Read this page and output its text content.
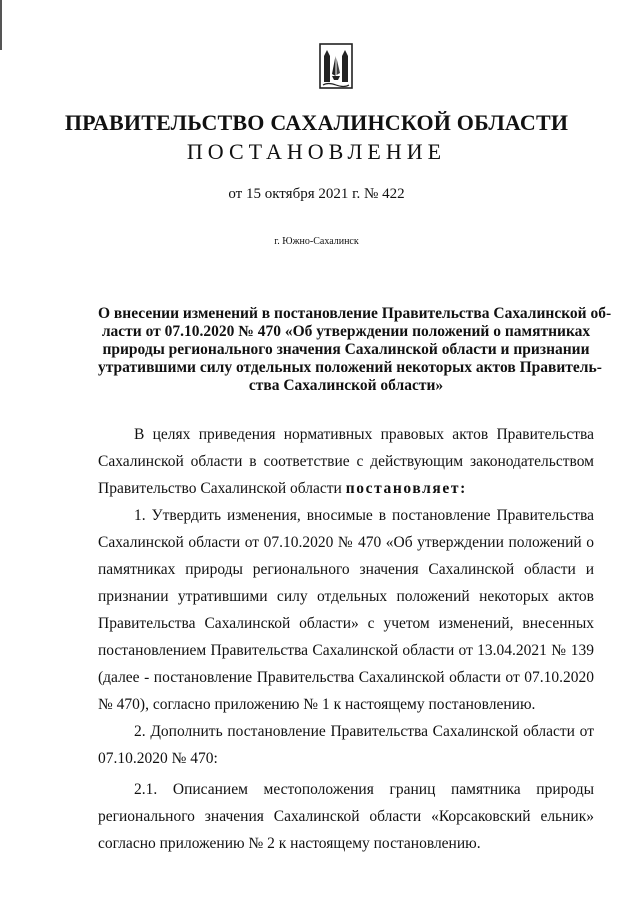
ПРАВИТЕЛЬСТВО САХАЛИНСКОЙ ОБЛАСТИ
ПОСТАНОВЛЕНИЕ
от 15 октября 2021 г. № 422
г. Южно-Сахалинск
О внесении изменений в постановление Правительства Сахалинской об-
ласти от 07.10.2020 № 470 «Об утверждении положений о памятниках
природы регионального значения Сахалинской области и признании
утратившими силу отдельных положений некоторых актов Правитель-
ства Сахалинской области»
В целях приведения нормативных правовых актов Правительства
Сахалинской области в соответствие с действующим законодательством
Правительство Сахалинской области постановляет:
1. Утвердить изменения, вносимые в постановление Правительства
Сахалинской области от 07.10.2020 № 470 «Об утверждении положений о
памятниках природы регионального значения Сахалинской области и
признании утратившими силу отдельных положений некоторых актов
Правительства Сахалинской области» с учетом изменений, внесенных
постановлением Правительства Сахалинской области от 13.04.2021 № 139
(далее - постановление Правительства Сахалинской области от 07.10.2020
№ 470), согласно приложению № 1 к настоящему постановлению.
2. Дополнить постановление Правительства Сахалинской области от
07.10.2020 № 470:
2.1. Описанием местоположения границ памятника природы
регионального значения Сахалинской области «Корсаковский ельник»
согласно приложению № 2 к настоящему постановлению.
